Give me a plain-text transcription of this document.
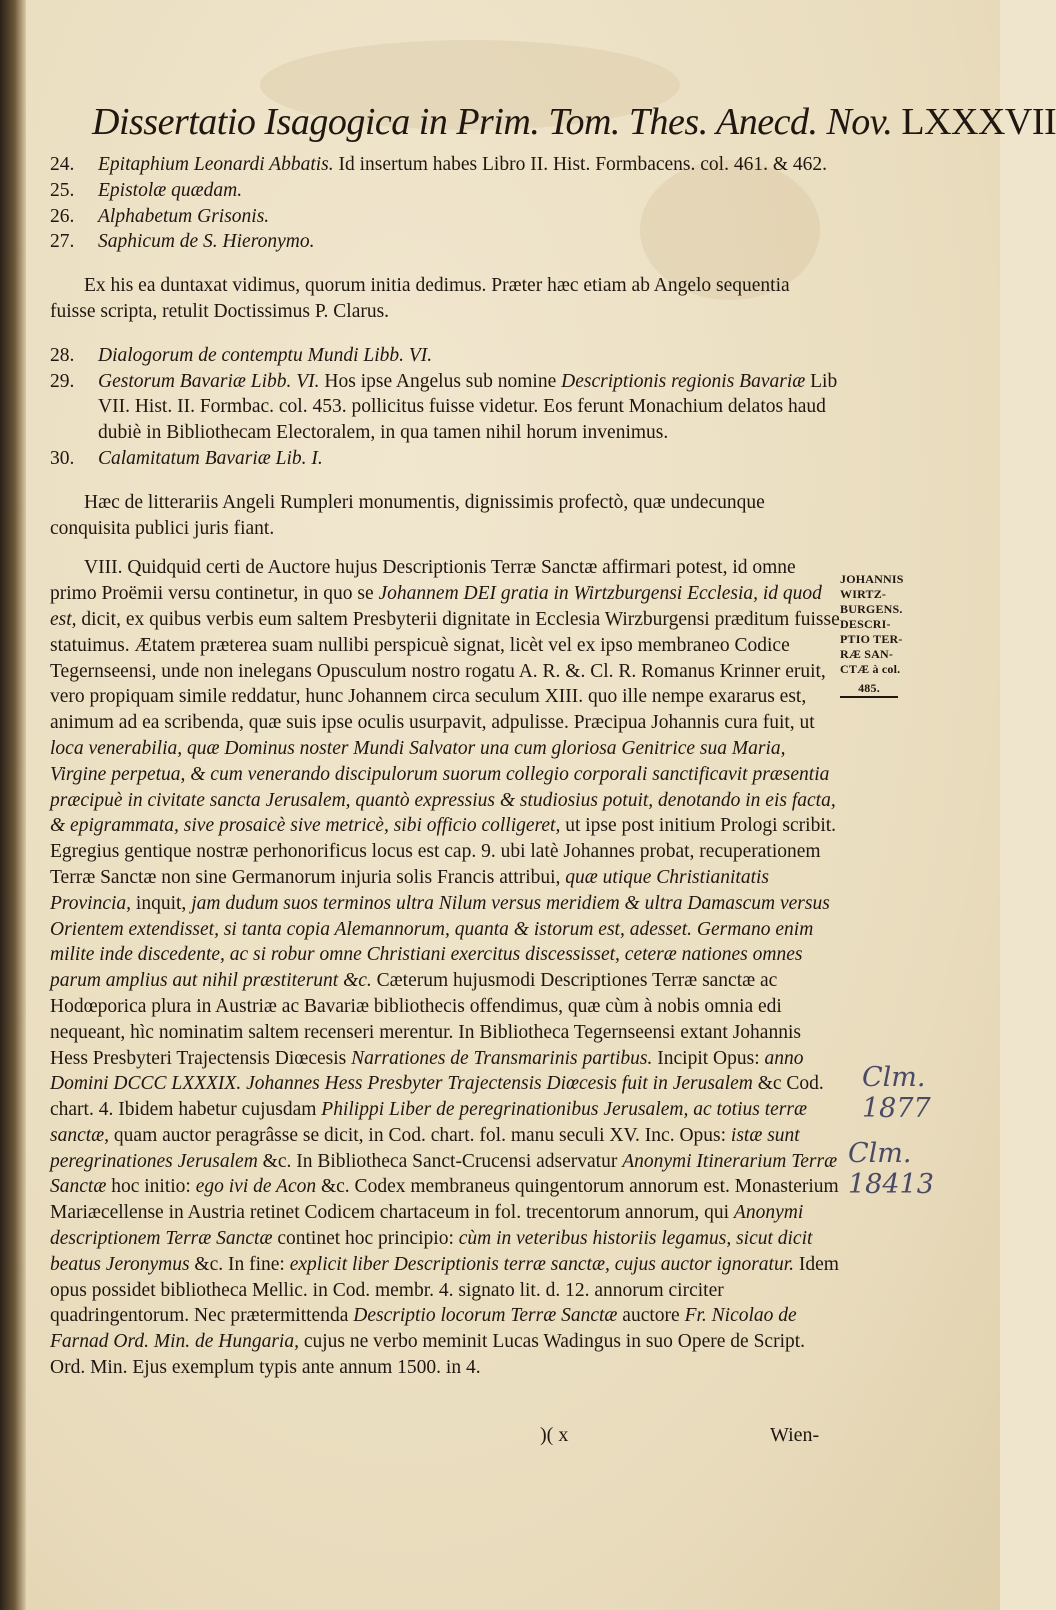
Dissertatio Isagogica in Prim. Tom. Thes. Anecd. Nov. LXXXVII
24.	Epitaphium Leonardi Abbatis. Id insertum habes Libro II. Hist. Formbacens. col. 461. & 462.
25.	Epistolæ quædam.
26.	Alphabetum Grisonis.
27.	Saphicum de S. Hieronymo.

Ex his ea duntaxat vidimus, quorum initia dedimus. Præter hæc etiam ab Angelo sequentia fuisse scripta, retulit Doctissimus P. Clarus.

28.	Dialogorum de contemptu Mundi Libb. VI.
29.	Gestorum Bavariæ Libb. VI. Hos ipse Angelus sub nomine Descriptionis regionis Bavariæ Lib VII. Hist. II. Formbac. col. 453. pollicitus fuisse videtur. Eos ferunt Monachium delatos haud dubiè in Bibliothecam Electoralem, in qua tamen nihil horum invenimus.
30.	Calamitatum Bavariæ Lib. I.

Hæc de litterariis Angeli Rumpleri monumentis, dignissimis profectò, quæ undecunque conquisita publici juris fiant.

VIII. Quidquid certi de Auctore hujus Descriptionis Terræ Sanctæ affirmari potest, id omne primo Proëmii versu continetur, in quo se Johannem DEI gratia in Wirtzburgensi Ecclesia, id quod est, dicit, ex quibus verbis eum saltem Presbyterii dignitate in Ecclesia Wirzburgensi præditum fuisse statuimus. Ætatem præterea suam nullibi perspicuè signat, licèt vel ex ipso membraneo Codice Tegernseensi, unde non inelegans Opusculum nostro rogatu A. R. &. Cl. R. Romanus Krinner eruit, vero propiquam simile reddatur, hunc Johannem circa seculum XIII. quo ille nempe exararus est, animum ad ea scribenda, quæ suis ipse oculis usurpavit, adpulisse. Præcipua Johannis cura fuit, ut loca venerabilia, quæ Dominus noster Mundi Salvator una cum gloriosa Genitrice sua Maria, Virgine perpetua, & cum venerando discipulorum suorum collegio corporali sanctificavit præsentia præcipuè in civitate sancta Jerusalem, quantò expressius & studiosius potuit, denotando in eis facta, & epigrammata, sive prosaicè sive metricè, sibi officio colligeret, ut ipse post initium Prologi scribit. Egregius gentique nostræ perhonorificus locus est cap. 9. ubi latè Johannes probat, recuperationem Terræ Sanctæ non sine Germanorum injuria solis Francis attribui, quæ utique Christianitatis Provincia, inquit, jam dudum suos terminos ultra Nilum versus meridiem & ultra Damascum versus Orientem extendisset, si tanta copia Alemannorum, quanta & istorum est, adesset. Germano enim milite inde discedente, ac si robur omne Christiani exercitus discessisset, ceteræ nationes omnes parum amplius aut nihil præstiterunt &c. Cæterum hujusmodi Descriptiones Terræ sanctæ ac Hodœporica plura in Austriæ ac Bavariæ bibliothecis offendimus, quæ cùm à nobis omnia edi nequeant, hìc nominatim saltem recenseri merentur. In Bibliotheca Tegernseensi extant Johannis Hess Presbyteri Trajectensis Diœcesis Narrationes de Transmarinis partibus. Incipit Opus: anno Domini DCCC LXXXIX. Johannes Hess Presbyter Trajectensis Diœcesis fuit in Jerusalem &c Cod. chart. 4. Ibidem habetur cujusdam Philippi Liber de peregrinationibus Jerusalem, ac totius terræ sanctæ, quam auctor peragrâsse se dicit, in Cod. chart. fol. manu seculi XV. Inc. Opus: istæ sunt peregrinationes Jerusalem &c. In Bibliotheca Sanct-Crucensi adservatur Anonymi Itinerarium Terræ Sanctæ hoc initio: ego ivi de Acon &c. Codex membraneus quingentorum annorum est. Monasterium Mariæcellense in Austria retinet Codicem chartaceum in fol. trecentorum annorum, qui Anonymi descriptionem Terræ Sanctæ continet hoc principio: cùm in veteribus historiis legamus, sicut dicit beatus Jeronymus &c. In fine: explicit liber Descriptionis terræ sanctæ, cujus auctor ignoratur. Idem opus possidet bibliotheca Mellic. in Cod. membr. 4. signato lit. d. 12. annorum circiter quadringentorum. Nec prætermittenda Descriptio locorum Terræ Sanctæ auctore Fr. Nicolao de Farnad Ord. Min. de Hungaria, cujus ne verbo meminit Lucas Wadingus in suo Opere de Script. Ord. Min. Ejus exemplum typis ante annum 1500. in 4.

JOHANNIS
WIRTZ-
BURGENS.
DESCRI-
PTIO TER-
RÆ SAN-
CTÆ à col.
485.
Clm. 1877
Clm. 18413
)( x	Wien-
